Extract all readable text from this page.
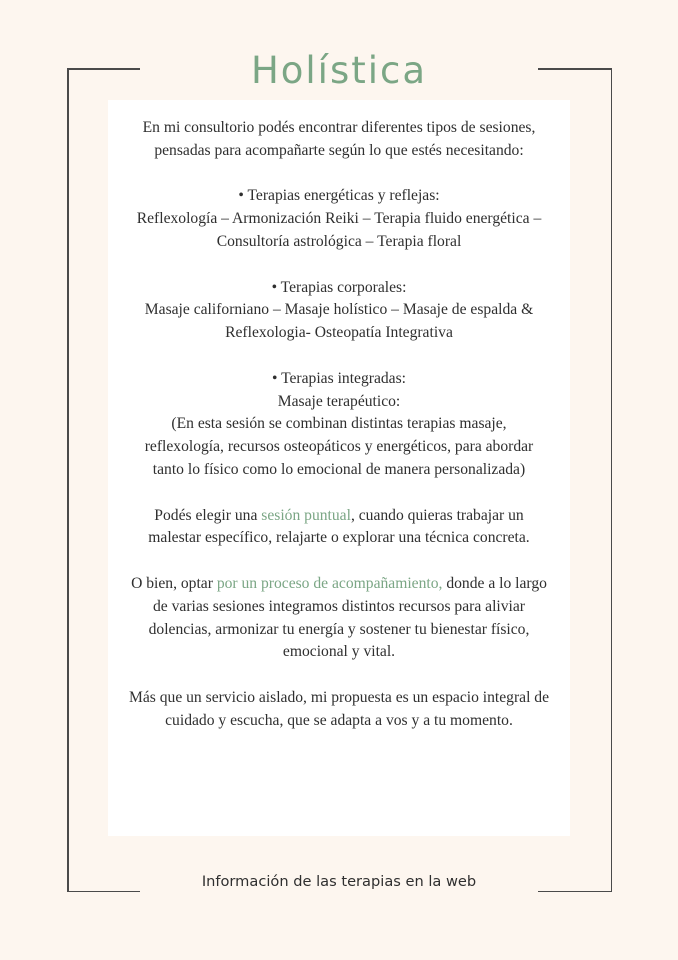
Holística

En mi consultorio podés encontrar diferentes tipos de sesiones, pensadas para acompañarte según lo que estés necesitando:

• Terapias energéticas y reflejas:
Reflexología – Armonización Reiki – Terapia fluido energética – Consultoría astrológica – Terapia floral

• Terapias corporales:
Masaje californiano – Masaje holístico – Masaje de espalda & Reflexologia- Osteopatía Integrativa

• Terapias integradas:
Masaje terapéutico:
(En esta sesión se combinan distintas terapias masaje, reflexología, recursos osteopáticos y energéticos, para abordar tanto lo físico como lo emocional de manera personalizada)

Podés elegir una sesión puntual, cuando quieras trabajar un malestar específico, relajarte o explorar una técnica concreta.

O bien, optar por un proceso de acompañamiento, donde a lo largo de varias sesiones integramos distintos recursos para aliviar dolencias, armonizar tu energía y sostener tu bienestar físico, emocional y vital.

Más que un servicio aislado, mi propuesta es un espacio integral de cuidado y escucha, que se adapta a vos y a tu momento.

Información de las terapias en la web
